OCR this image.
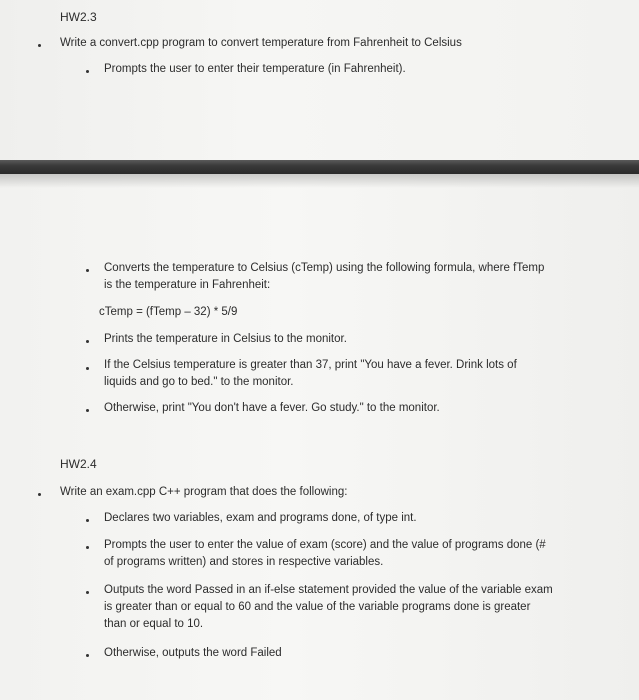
HW2.3
Write a convert.cpp program to convert temperature from Fahrenheit to Celsius
Prompts the user to enter their temperature (in Fahrenheit).
Converts the temperature to Celsius (cTemp) using the following formula, where fTemp
is the temperature in Fahrenheit:
cTemp = (fTemp – 32) * 5/9
Prints the temperature in Celsius to the monitor.
If the Celsius temperature is greater than 37, print "You have a fever. Drink lots of
liquids and go to bed." to the monitor.
Otherwise, print "You don't have a fever. Go study." to the monitor.
HW2.4
Write an exam.cpp C++ program that does the following:
Declares two variables, exam and programs done, of type int.
Prompts the user to enter the value of exam (score) and the value of programs done (#
of programs written) and stores in respective variables.
Outputs the word Passed in an if-else statement provided the value of the variable exam
is greater than or equal to 60 and the value of the variable programs done is greater
than or equal to 10.
Otherwise, outputs the word Failed
